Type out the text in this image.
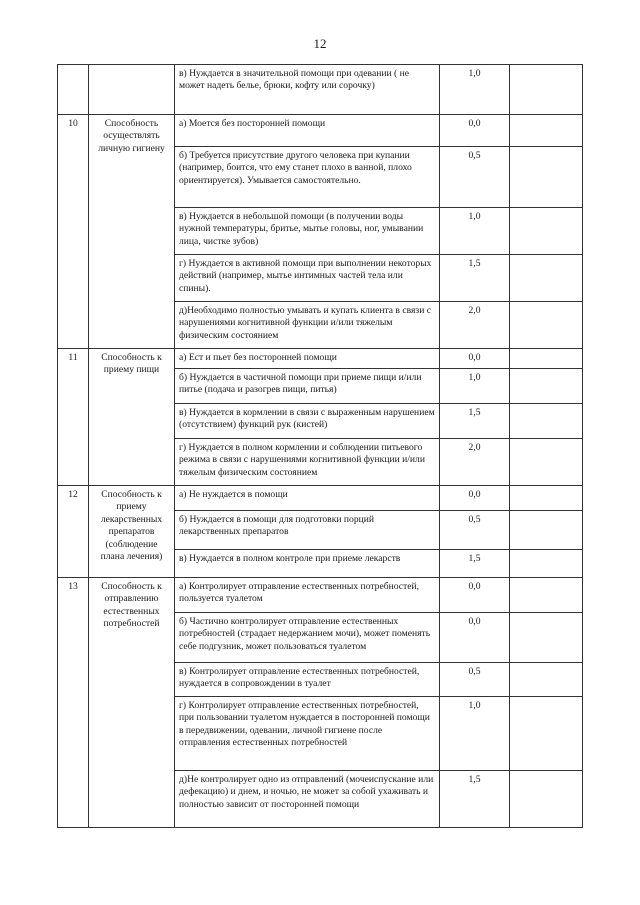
12
		в) Нуждается в значительной помощи при одевании ( не может надеть белье, брюки, кофту или сорочку)	1,0	
10	Способность осуществлять личную гигиену	а) Моется без посторонней помощи	0,0	
		б) Требуется присутствие другого человека при купании (например, боится, что ему станет плохо в ванной, плохо ориентируется). Умывается самостоятельно.	0,5	
		в) Нуждается в небольшой помощи (в получении воды нужной температуры, бритье, мытье головы, ног, умывании лица, чистке зубов)	1,0	
		г) Нуждается в активной помощи при выполнении некоторых действий (например, мытье интимных частей тела или спины).	1,5	
		д)Необходимо полностью умывать и купать клиента в связи с нарушениями когнитивной функции и/или тяжелым физическим состоянием	2,0	
11	Способность к приему пищи	а) Ест и пьет без посторонней помощи	0,0	
		б) Нуждается в частичной помощи при приеме пищи и/или питье (подача и разогрев пищи, питья)	1,0	
		в) Нуждается в кормлении в связи с выраженным нарушением (отсутствием) функций рук (кистей)	1,5	
		г) Нуждается в полном кормлении и соблюдении питьевого режима в связи с нарушениями когнитивной функции и/или тяжелым физическим состоянием	2,0	
12	Способность к приему лекарственных препаратов (соблюдение плана лечения)	а) Не нуждается в помощи	0,0	
		б) Нуждается в помощи для подготовки порций лекарственных препаратов	0,5	
		в) Нуждается в полном контроле при приеме лекарств	1,5	
13	Способность к отправлению естественных потребностей	а) Контролирует отправление естественных потребностей, пользуется туалетом	0,0	
		б) Частично контролирует отправление естественных потребностей (страдает недержанием мочи), может поменять себе подгузник, может пользоваться туалетом	0,0	
		в) Контролирует отправление естественных потребностей, нуждается в сопровождении в туалет	0,5	
		г) Контролирует отправление естественных потребностей, при пользовании туалетом нуждается в посторонней помощи в передвижении, одевании, личной гигиене после отправления естественных потребностей	1,0	
		д)Не контролирует одно из отправлений (мочеиспускание или дефекацию) и днем, и ночью, не может за собой ухаживать и полностью зависит от посторонней помощи	1,5	
